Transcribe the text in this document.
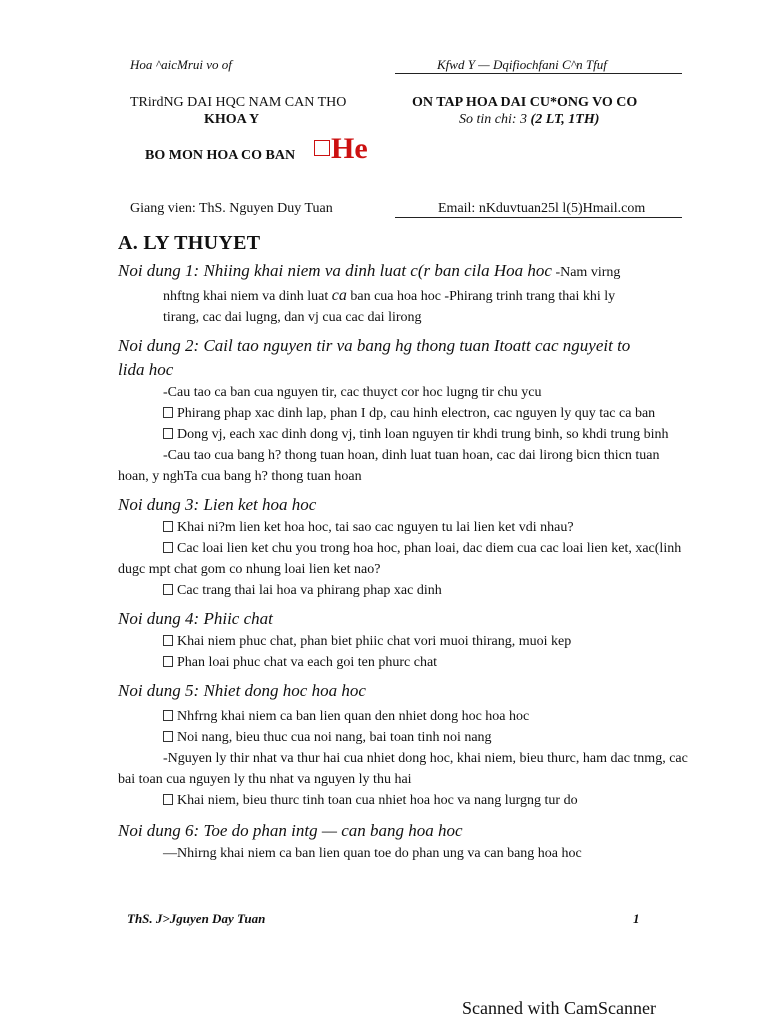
Hoa ^aicMrui vo of	Kfwd Y — Dqifiochfani C^n Tfuf
TRirdNG DAI HQC NAM CAN THO
KHOA Y
ON TAP HOA DAI CU*ONG VO CO
So tin chi: 3 (2 LT, 1TH)
BO MON HOA CO BAN	He
Giang vien: ThS. Nguyen Duy Tuan	Email: nKduvtuan25l l(5)Hmail.com
A. LY THUYET
Noi dung 1: Nhiing khai niem va dinh luat c(r ban cila Hoa hoc -Nam virng
nhftng khai niem va dinh luat ca ban cua hoa hoc -Phirang trinh trang thai khi ly
tirang, cac dai lugng, dan vj cua cac dai lirong
Noi dung 2: Cail tao nguyen tir va bang hg thong tuan Itoatt cac nguyeit to
lida hoc
-Cau tao ca ban cua nguyen tir, cac thuyct cor hoc lugng tir chu ycu
Phirang phap xac dinh lap, phan I dp, cau hinh electron, cac nguyen ly quy tac ca ban
Dong vj, each xac dinh dong vj, tinh loan nguyen tir khdi trung binh, so khdi trung binh
-Cau tao cua bang h? thong tuan hoan, dinh luat tuan hoan, cac dai lirong bicn thicn tuan hoan, y nghTa cua bang h? thong tuan hoan
Noi dung 3: Lien ket hoa hoc
Khai ni?m lien ket hoa hoc, tai sao cac nguyen tu lai lien ket vdi nhau?
Cac loai lien ket chu you trong hoa hoc, phan loai, dac diem cua cac loai lien ket, xac(linh dugc mpt chat gom co nhung loai lien ket nao?
Cac trang thai lai hoa va phirang phap xac dinh
Noi dung 4: Phiic chat
Khai niem phuc chat, phan biet phiic chat vori muoi thirang, muoi kep
Phan loai phuc chat va each goi ten phurc chat
Noi dung 5: Nhiet dong hoc hoa hoc
Nhfrng khai niem ca ban lien quan den nhiet dong hoc hoa hoc
Noi nang, bieu thuc cua noi nang, bai toan tinh noi nang
-Nguyen ly thir nhat va thur hai cua nhiet dong hoc, khai niem, bieu thurc, ham dac tnmg, cac bai toan cua nguyen ly thu nhat va nguyen ly thu hai
Khai niem, bieu thurc tinh toan cua nhiet hoa hoc va nang lurgng tur do
Noi dung 6: Toe do phan intg — can bang hoa hoc
—Nhirng khai niem ca ban lien quan toe do phan ung va can bang hoa hoc
ThS. J>Jguyen Day Tuan	1
Scanned with CamScanner
